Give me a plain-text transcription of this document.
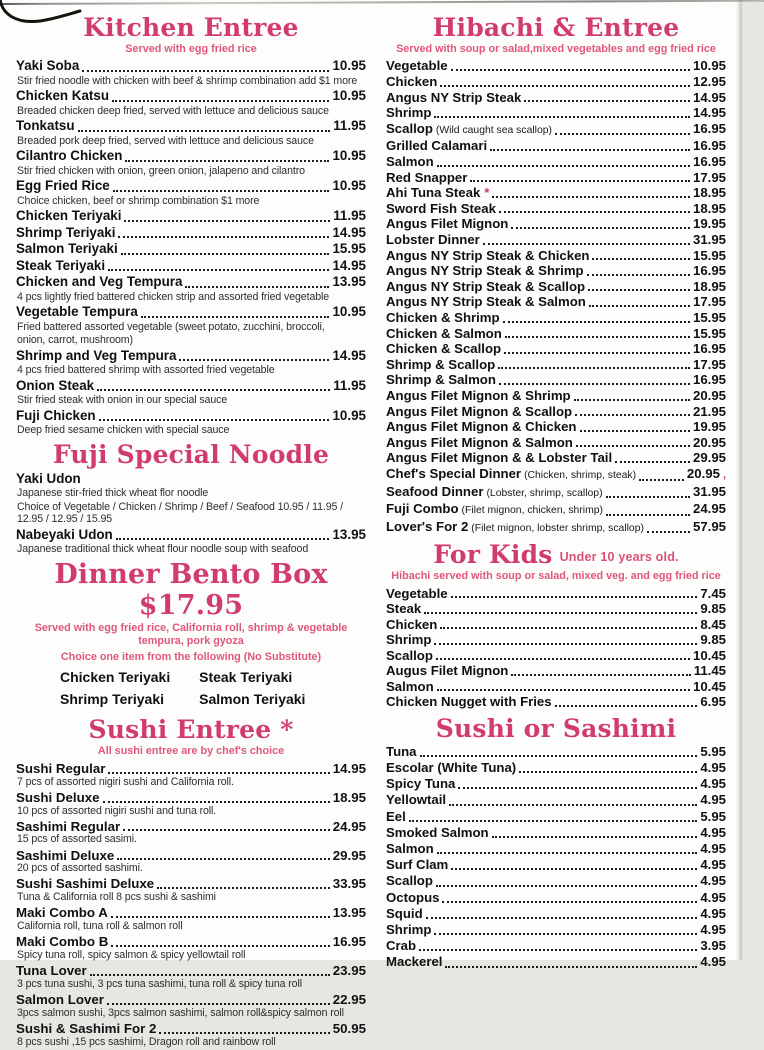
Kitchen Entree
Served with egg fried rice
Yaki Soba	10.95
Stir fried noodle with chicken with beef & shrimp combination add $1 more
Chicken Katsu	10.95
Breaded chicken deep fried, served with lettuce and delicious sauce
Tonkatsu	11.95
Breaded pork deep fried, served with lettuce and delicious sauce
Cilantro Chicken	10.95
Stir fried chicken with onion, green onion, jalapeno and cilantro
Egg Fried Rice	10.95
Choice chicken, beef or shrimp combination $1 more
Chicken Teriyaki	11.95
Shrimp Teriyaki	14.95
Salmon Teriyaki	15.95
Steak Teriyaki	14.95
Chicken and Veg Tempura	13.95
4 pcs lightly fried battered chicken strip and assorted fried vegetable
Vegetable Tempura	10.95
Fried battered assorted vegetable (sweet potato, zucchini, broccoli,
onion, carrot, mushroom)
Shrimp and Veg Tempura	14.95
4 pcs fried battered shrimp with assorted fried vegetable
Onion Steak	11.95
Stir fried steak with onion in our special sauce
Fuji Chicken	10.95
Deep fried sesame chicken with special sauce
Fuji Special Noodle
Yaki Udon
Japanese stir-fried thick wheat flor noodle
Choice of Vegetable / Chicken / Shrimp / Beef / Seafood 10.95 / 11.95 / 12.95 / 12.95 / 15.95
Nabeyaki Udon	13.95
Japanese traditional thick wheat flour noodle soup with seafood
Dinner Bento Box $17.95
Served with egg fried rice, California roll, shrimp & vegetable tempura, pork gyoza
Choice one item from the following (No Substitute)
Chicken Teriyaki	Steak Teriyaki
Shrimp Teriyaki	Salmon Teriyaki
Sushi Entree *
All sushi entree are by chef's choice
Sushi Regular	14.95
7 pcs of assorted nigiri sushi and California roll.
Sushi Deluxe	18.95
10 pcs of assorted nigiri sushi and tuna roll.
Sashimi Regular	24.95
15 pcs of assorted sasimi.
Sashimi Deluxe	29.95
20 pcs of assorted sashimi.
Sushi Sashimi Deluxe	33.95
Tuna & California roll 8 pcs sushi & sashimi
Maki Combo A	13.95
California roll, tuna roll & salmon roll
Maki Combo B	16.95
Spicy tuna roll, spicy salmon & spicy yellowtail roll
Tuna Lover	23.95
3 pcs tuna sushi, 3 pcs tuna sashimi, tuna roll & spicy tuna roll
Salmon Lover	22.95
3pcs salmon sushi, 3pcs salmon sashimi, salmon roll&spicy salmon roll
Sushi & Sashimi For 2	50.95
8 pcs sushi ,15 pcs sashimi, Dragon roll and rainbow roll
Hibachi & Entree
Served with soup or salad,mixed vegetables and egg fried rice
Vegetable	10.95
Chicken	12.95
Angus NY Strip Steak	14.95
Shrimp	14.95
Scallop (Wild caught sea scallop)	16.95
Grilled Calamari	16.95
Salmon	16.95
Red Snapper	17.95
Ahi Tuna Steak *	18.95
Sword Fish Steak	18.95
Angus Filet Mignon	19.95
Lobster Dinner	31.95
Angus NY Strip Steak & Chicken	15.95
Angus NY Strip Steak & Shrimp	16.95
Angus NY Strip Steak & Scallop	18.95
Angus NY Strip Steak & Salmon	17.95
Chicken & Shrimp	15.95
Chicken & Salmon	15.95
Chicken & Scallop	16.95
Shrimp & Scallop	17.95
Shrimp & Salmon	16.95
Angus Filet Mignon & Shrimp	20.95
Angus Filet Mignon & Scallop	21.95
Angus Filet Mignon & Chicken	19.95
Angus Filet Mignon & Salmon	20.95
Angus Filet Mignon & & Lobster Tail	29.95
Chef's Special Dinner (Chicken, shrimp, steak)	20.95 ,
Seafood Dinner (Lobster, shrimp, scallop)	31.95
Fuji Combo (Filet mignon, chicken, shrimp)	24.95
Lover's For 2 (Filet mignon, lobster shrimp, scallop)	57.95
For Kids Under 10 years old.
Hibachi served with soup or salad, mixed veg. and egg fried rice
Vegetable	7.45
Steak	9.85
Chicken	8.45
Shrimp	9.85
Scallop	10.45
Augus Filet Mignon	11.45
Salmon	10.45
Chicken Nugget with Fries	6.95
Sushi or Sashimi
Tuna	5.95
Escolar (White Tuna)	4.95
Spicy Tuna	4.95
Yellowtail	4.95
Eel	5.95
Smoked Salmon	4.95
Salmon	4.95
Surf Clam	4.95
Scallop	4.95
Octopus	4.95
Squid	4.95
Shrimp	4.95
Crab	3.95
Mackerel	4.95
